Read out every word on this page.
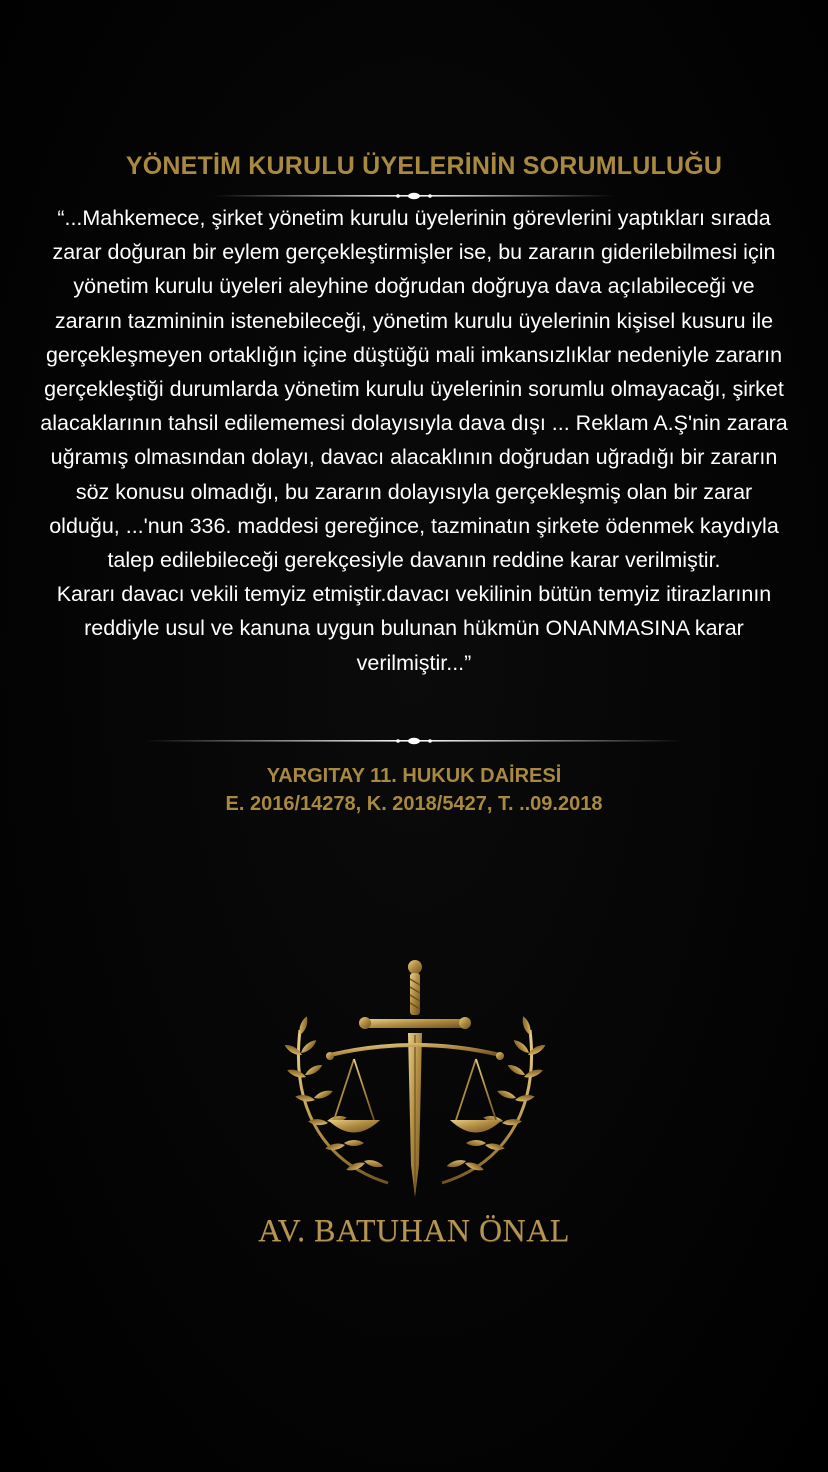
YÖNETİM KURULU ÜYELERİNİN SORUMLULUĞU

“...Mahkemece, şirket yönetim kurulu üyelerinin görevlerini yaptıkları sırada zarar doğuran bir eylem gerçekleştirmişler ise, bu zararın giderilebilmesi için yönetim kurulu üyeleri aleyhine doğrudan doğruya dava açılabileceği ve zararın tazmininin istenebileceği, yönetim kurulu üyelerinin kişisel kusuru ile gerçekleşmeyen ortaklığın içine düştüğü mali imkansızlıklar nedeniyle zararın gerçekleştiği durumlarda yönetim kurulu üyelerinin sorumlu olmayacağı, şirket alacaklarının tahsil edilememesi dolayısıyla dava dışı ... Reklam A.Ş'nin zarara uğramış olmasından dolayı, davacı alacaklının doğrudan uğradığı bir zararın söz konusu olmadığı, bu zararın dolayısıyla gerçekleşmiş olan bir zarar olduğu, ...'nun 336. maddesi gereğince, tazminatın şirkete ödenmek kaydıyla talep edilebileceği gerekçesiyle davanın reddine karar verilmiştir.

Kararı davacı vekili temyiz etmiştir.davacı vekilinin bütün temyiz itirazlarının reddiyle usul ve kanuna uygun bulunan hükmün ONANMASINA karar verilmiştir...”

YARGITAY 11. HUKUK DAİRESİ
E. 2016/14278, K. 2018/5427, T. ..09.2018
AV. BATUHAN ÖNAL
